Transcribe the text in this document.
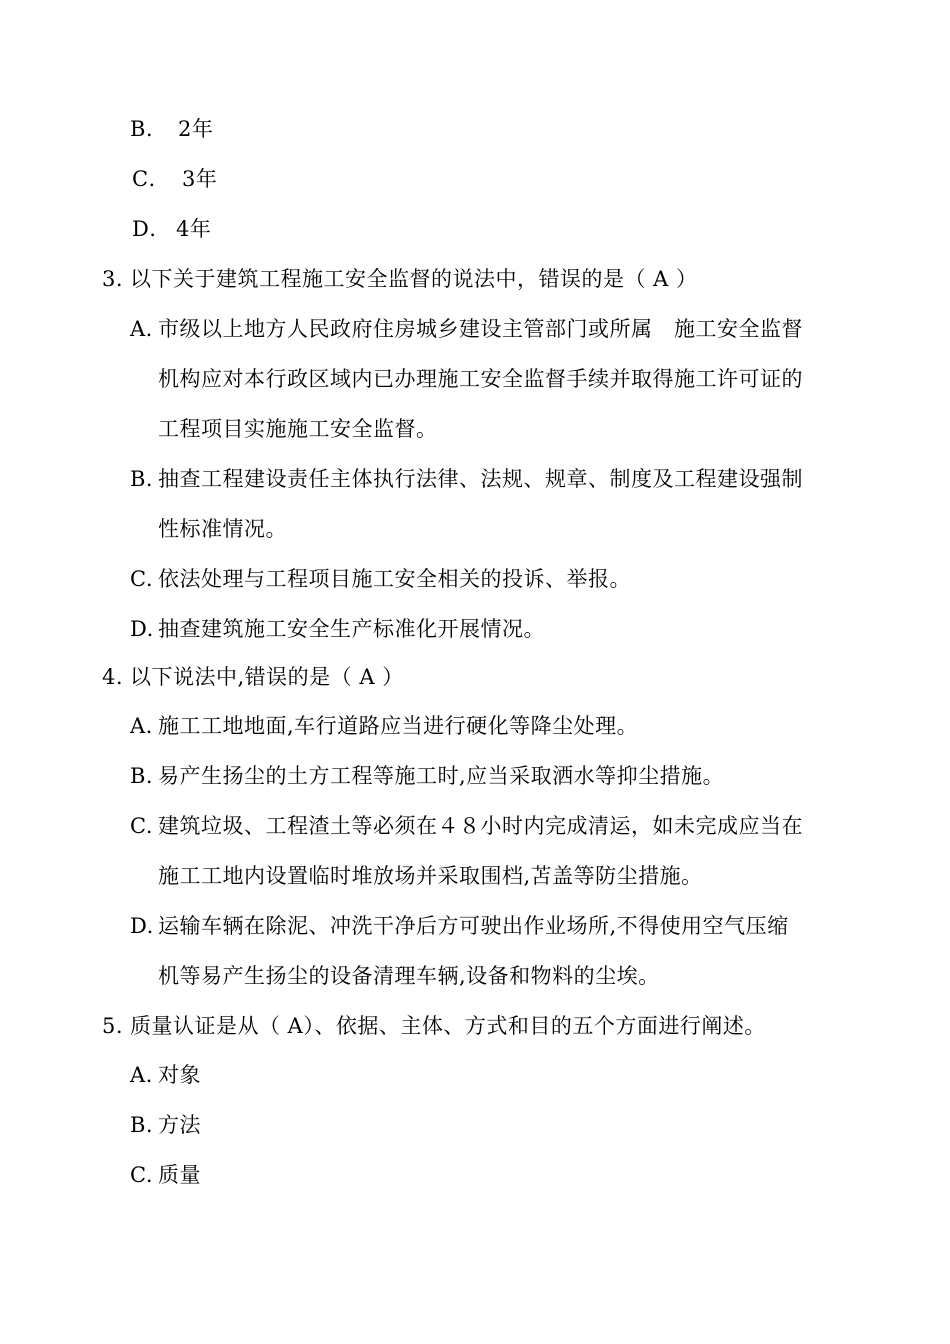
B. 2年
C． 3年
D． 4年
3. 以下关于建筑工程施工安全监督的说法中，错误的是（ A ）
A. 市级以上地方人民政府住房城乡建设主管部门或所属　施工安全监督
机构应对本行政区域内已办理施工安全监督手续并取得施工许可证的
工程项目实施施工安全监督。
B. 抽查工程建设责任主体执行法律、法规、规章、制度及工程建设强制
性标准情况。
C. 依法处理与工程项目施工安全相关的投诉、举报。
D. 抽查建筑施工安全生产标准化开展情况。
4. 以下说法中,错误的是（ A ）
A. 施工工地地面,车行道路应当进行硬化等降尘处理。
B. 易产生扬尘的土方工程等施工时,应当采取洒水等抑尘措施。
C. 建筑垃圾、工程渣土等必须在４８小时内完成清运，如未完成应当在
施工工地内设置临时堆放场并采取围档,苫盖等防尘措施。
D. 运输车辆在除泥、冲洗干净后方可驶出作业场所,不得使用空气压缩
机等易产生扬尘的设备清理车辆,设备和物料的尘埃。
5. 质量认证是从（ A）、依据、主体、方式和目的五个方面进行阐述。
A. 对象
B. 方法
C. 质量
